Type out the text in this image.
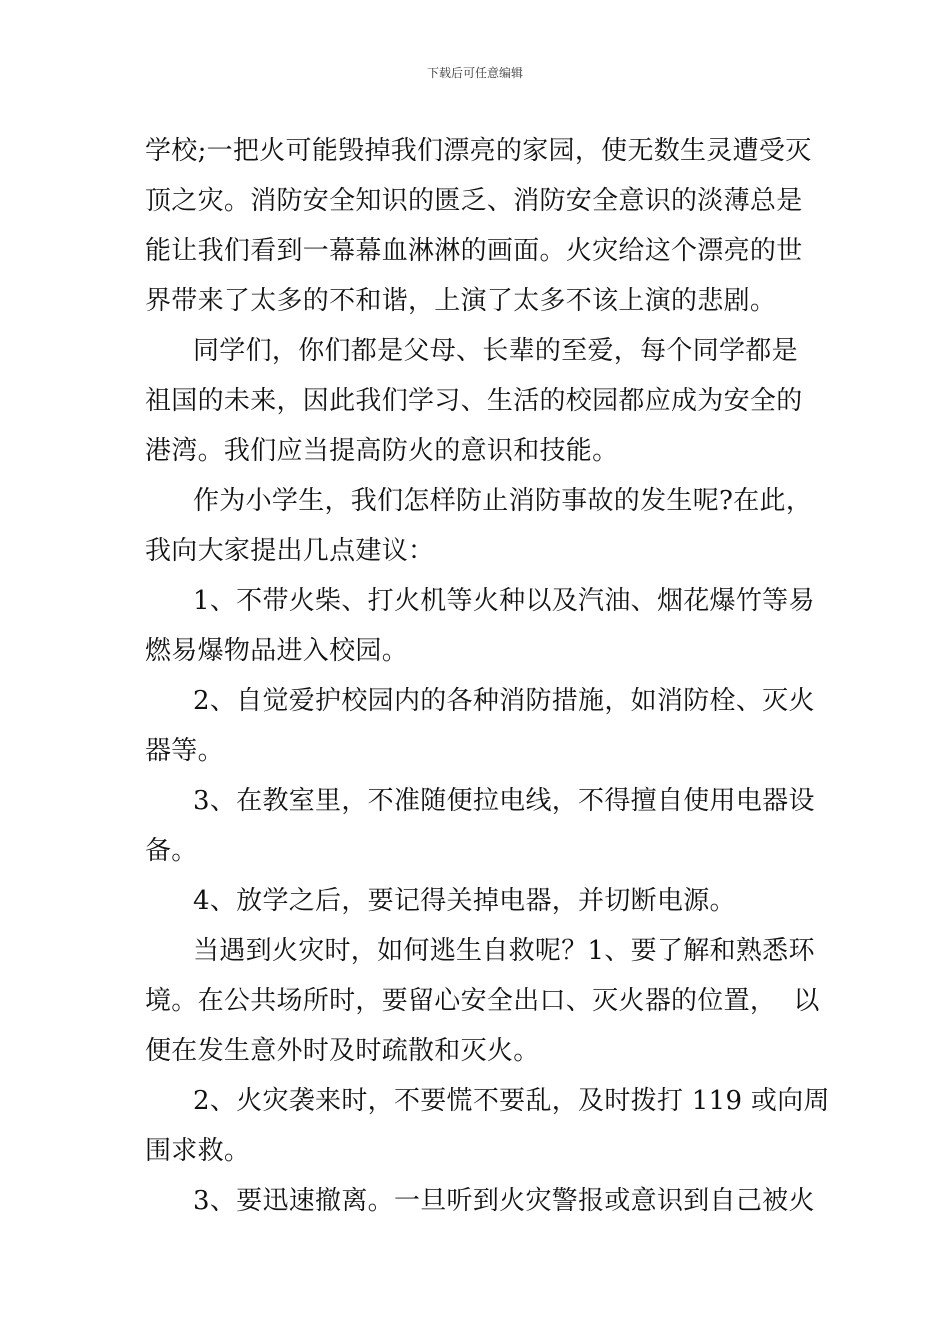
下载后可任意编辑
学校;一把火可能毁掉我们漂亮的家园，使无数生灵遭受灭
顶之灾。消防安全知识的匮乏、消防安全意识的淡薄总是
能让我们看到一幕幕血淋淋的画面。火灾给这个漂亮的世
界带来了太多的不和谐，上演了太多不该上演的悲剧。
同学们，你们都是父母、长辈的至爱，每个同学都是
祖国的未来，因此我们学习、生活的校园都应成为安全的
港湾。我们应当提高防火的意识和技能。
作为小学生，我们怎样防止消防事故的发生呢?在此，
我向大家提出几点建议：
1、不带火柴、打火机等火种以及汽油、烟花爆竹等易
燃易爆物品进入校园。
2、自觉爱护校园内的各种消防措施，如消防栓、灭火
器等。
3、在教室里，不准随便拉电线，不得擅自使用电器设
备。
4、放学之后，要记得关掉电器，并切断电源。
当遇到火灾时，如何逃生自救呢？1、要了解和熟悉环
境。在公共场所时，要留心安全出口、灭火器的位置，  以
便在发生意外时及时疏散和灭火。
2、火灾袭来时，不要慌不要乱，及时拨打 119 或向周
围求救。
3、要迅速撤离。一旦听到火灾警报或意识到自己被火
